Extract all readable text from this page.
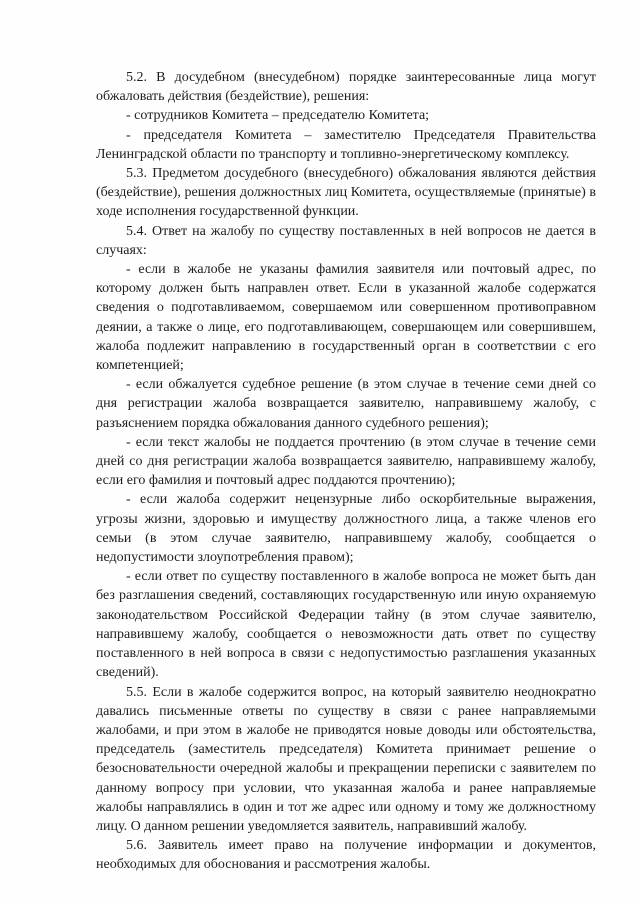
5.2. В досудебном (внесудебном) порядке заинтересованные лица могут обжаловать действия (бездействие), решения:

- сотрудников Комитета – председателю Комитета;

- председателя Комитета – заместителю Председателя Правительства Ленинградской области по транспорту и топливно-энергетическому комплексу.

5.3. Предметом досудебного (внесудебного) обжалования являются действия (бездействие), решения должностных лиц Комитета, осуществляемые (принятые) в ходе исполнения государственной функции.

5.4. Ответ на жалобу по существу поставленных в ней вопросов не дается в случаях:

- если в жалобе не указаны фамилия заявителя или почтовый адрес, по которому должен быть направлен ответ. Если в указанной жалобе содержатся сведения о подготавливаемом, совершаемом или совершенном противоправном деянии, а также о лице, его подготавливающем, совершающем или совершившем, жалоба подлежит направлению в государственный орган в соответствии с его компетенцией;

- если обжалуется судебное решение (в этом случае в течение семи дней со дня регистрации жалоба возвращается заявителю, направившему жалобу, с разъяснением порядка обжалования данного судебного решения);

- если текст жалобы не поддается прочтению (в этом случае в течение семи дней со дня регистрации жалоба возвращается заявителю, направившему жалобу, если его фамилия и почтовый адрес поддаются прочтению);

- если жалоба содержит нецензурные либо оскорбительные выражения, угрозы жизни, здоровью и имуществу должностного лица, а также членов его семьи (в этом случае заявителю, направившему жалобу, сообщается о недопустимости злоупотребления правом);

- если ответ по существу поставленного в жалобе вопроса не может быть дан без разглашения сведений, составляющих государственную или иную охраняемую законодательством Российской Федерации тайну (в этом случае заявителю, направившему жалобу, сообщается о невозможности дать ответ по существу поставленного в ней вопроса в связи с недопустимостью разглашения указанных сведений).

5.5. Если в жалобе содержится вопрос, на который заявителю неоднократно давались письменные ответы по существу в связи с ранее направляемыми жалобами, и при этом в жалобе не приводятся новые доводы или обстоятельства, председатель (заместитель председателя) Комитета принимает решение о безосновательности очередной жалобы и прекращении переписки с заявителем по данному вопросу при условии, что указанная жалоба и ранее направляемые жалобы направлялись в один и тот же адрес или одному и тому же должностному лицу. О данном решении уведомляется заявитель, направивший жалобу.

5.6. Заявитель имеет право на получение информации и документов, необходимых для обоснования и рассмотрения жалобы.
